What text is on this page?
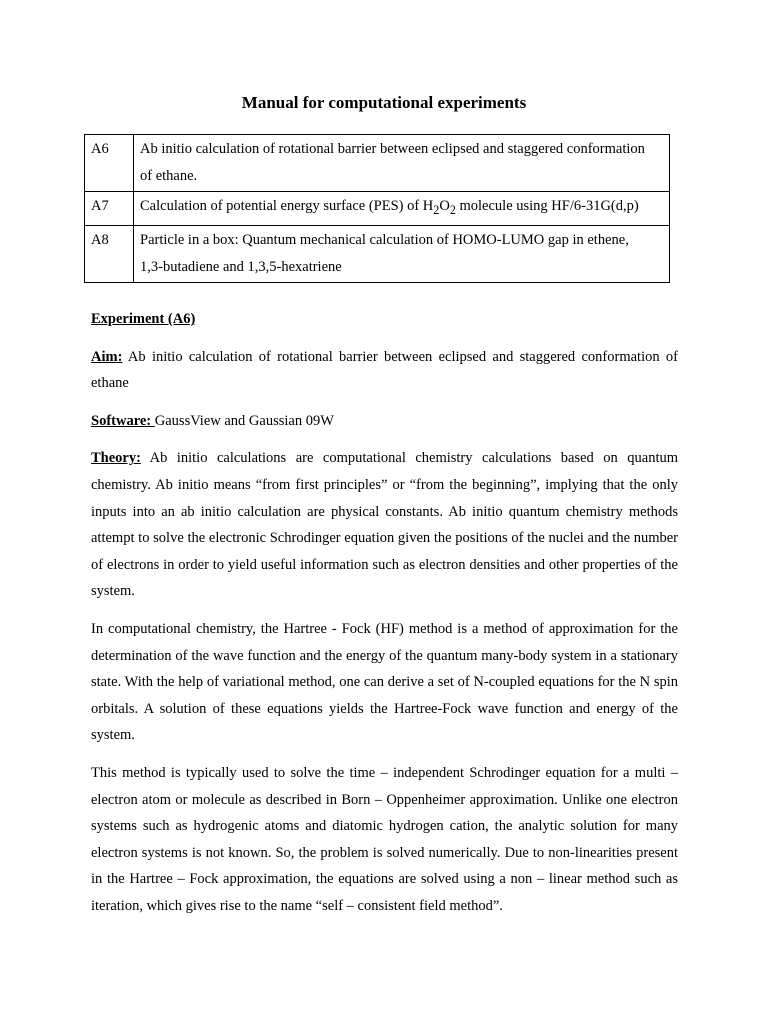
Manual for computational experiments
A6	Ab initio calculation of rotational barrier between eclipsed and staggered conformation
of ethane.
A7	Calculation of potential energy surface (PES) of $H_2O_2$ molecule using HF/6-31G(d,p)
A8	Particle in a box: Quantum mechanical calculation of HOMO-LUMO gap in ethene,
1,3-butadiene and 1,3,5-hexatriene
Experiment (A6)

Aim: Ab initio calculation of rotational barrier between eclipsed and staggered conformation of ethane

Software: GaussView and Gaussian 09W

Theory: Ab initio calculations are computational chemistry calculations based on quantum chemistry. Ab initio means “from first principles” or “from the beginning”, implying that the only inputs into an ab initio calculation are physical constants. Ab initio quantum chemistry methods attempt to solve the electronic Schrodinger equation given the positions of the nuclei and the number of electrons in order to yield useful information such as electron densities and other properties of the system.

In computational chemistry, the Hartree - Fock (HF) method is a method of approximation for the determination of the wave function and the energy of the quantum many-body system in a stationary state. With the help of variational method, one can derive a set of N-coupled equations for the N spin orbitals. A solution of these equations yields the Hartree-Fock wave function and energy of the system.

This method is typically used to solve the time – independent Schrodinger equation for a multi – electron atom or molecule as described in Born – Oppenheimer approximation. Unlike one electron systems such as hydrogenic atoms and diatomic hydrogen cation, the analytic solution for many electron systems is not known. So, the problem is solved numerically. Due to non-linearities present in the Hartree – Fock approximation, the equations are solved using a non – linear method such as iteration, which gives rise to the name “self – consistent field method”.
